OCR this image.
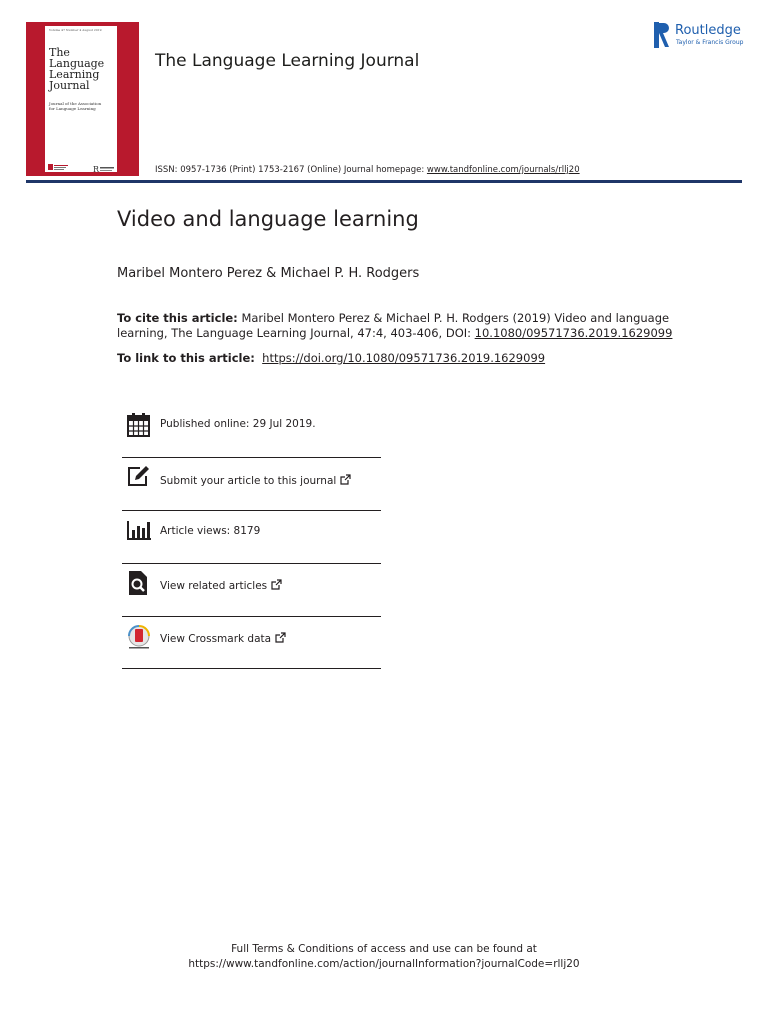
Volume 47 Number 4 August 2019
The
Language
Learning
Journal
Journal of the Association
for Language Learning
R
The Language Learning Journal
Routledge
Taylor & Francis Group
ISSN: 0957-1736 (Print) 1753-2167 (Online) Journal homepage: www.tandfonline.com/journals/rllj20
Video and language learning
Maribel Montero Perez & Michael P. H. Rodgers
To cite this article: Maribel Montero Perez & Michael P. H. Rodgers (2019) Video and language learning, The Language Learning Journal, 47:4, 403-406, DOI: 10.1080/09571736.2019.1629099
To link to this article: https://doi.org/10.1080/09571736.2019.1629099
Published online: 29 Jul 2019.
Submit your article to this journal
Article views: 8179
View related articles
View Crossmark data
Full Terms & Conditions of access and use can be found at
https://www.tandfonline.com/action/journalInformation?journalCode=rllj20
